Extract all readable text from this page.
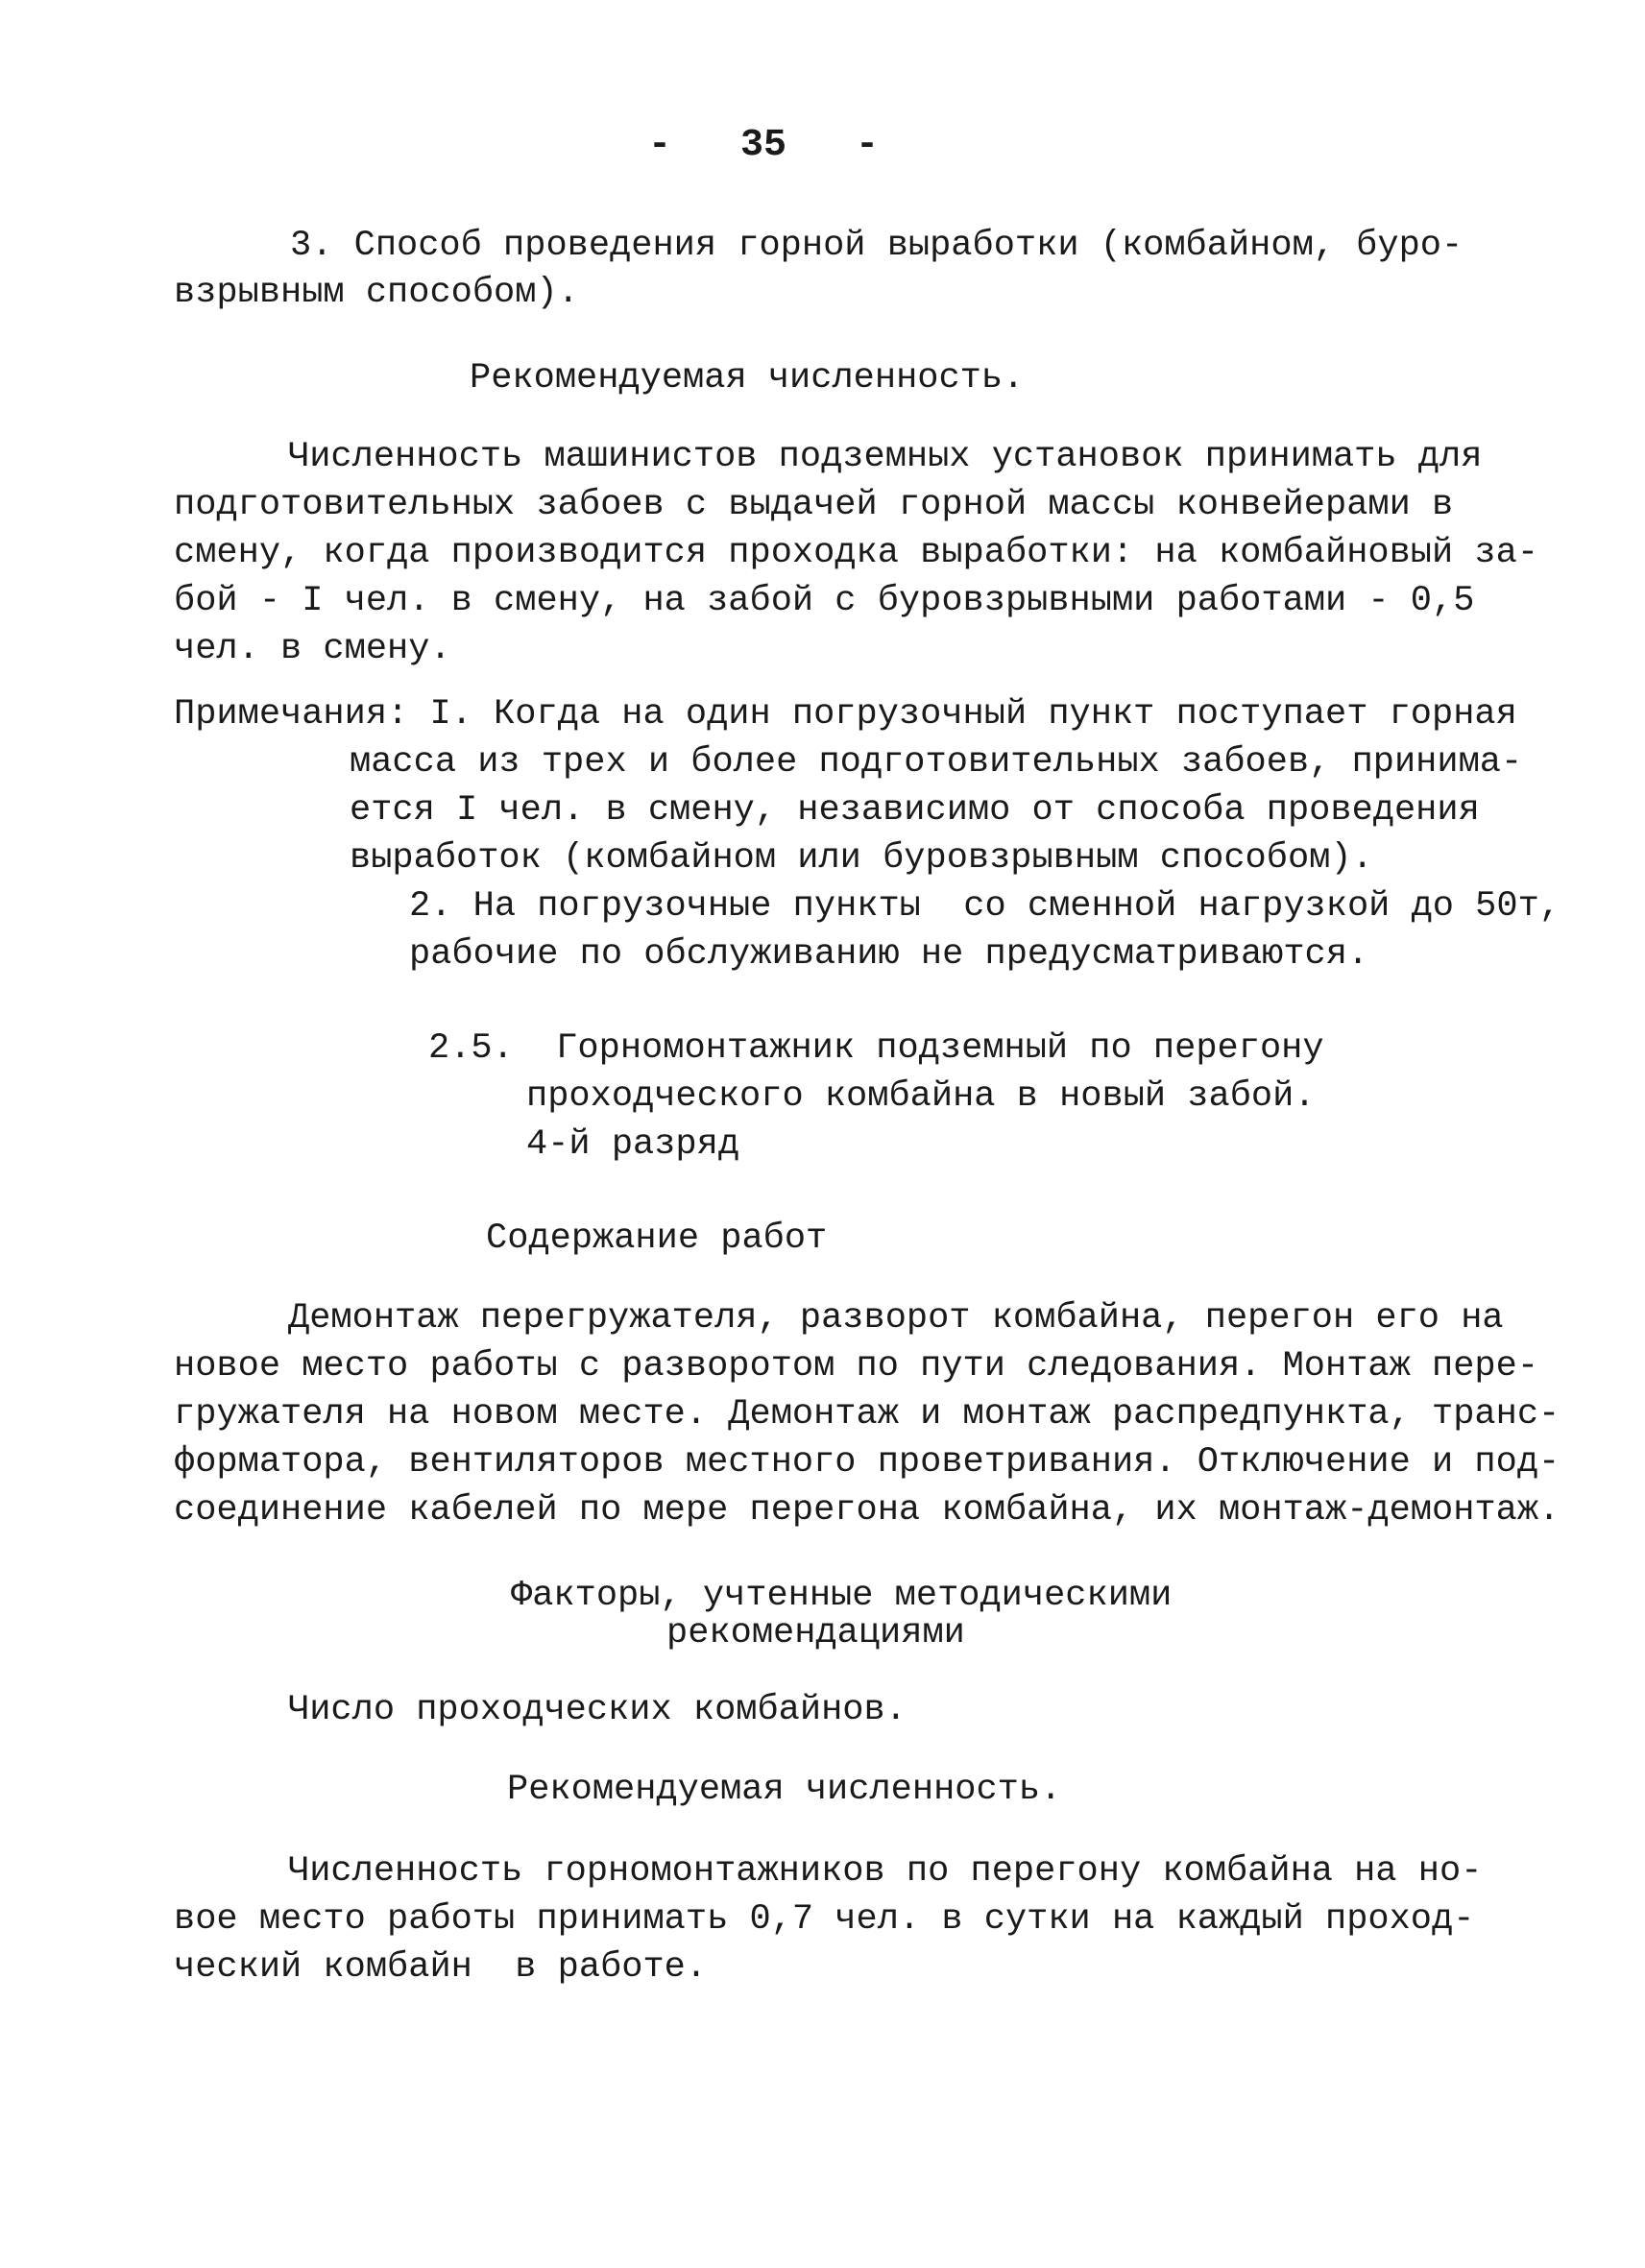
-   35   -
3. Способ проведения горной выработки (комбайном, буро-
взрывным способом).
Рекомендуемая численность.
Численность машинистов подземных установок принимать для
подготовительных забоев с выдачей горной массы конвейерами в
смену, когда производится проходка выработки: на комбайновый за-
бой - I чел. в смену, на забой с буровзрывными работами - 0,5
чел. в смену.
Примечания: I. Когда на один погрузочный пункт поступает горная
масса из трех и более подготовительных забоев, принима-
ется I чел. в смену, независимо от способа проведения
выработок (комбайном или буровзрывным способом).
2. На погрузочные пункты  со сменной нагрузкой до 50т,
рабочие по обслуживанию не предусматриваются.
2.5.  Горномонтажник подземный по перегону
проходческого комбайна в новый забой.
4-й разряд
Содержание работ
Демонтаж перегружателя, разворот комбайна, перегон его на
новое место работы с разворотом по пути следования. Монтаж пере-
гружателя на новом месте. Демонтаж и монтаж распредпункта, транс-
форматора, вентиляторов местного проветривания. Отключение и под-
соединение кабелей по мере перегона комбайна, их монтаж-демонтаж.
Факторы, учтенные методическими
рекомендациями
Число проходческих комбайнов.
Рекомендуемая численность.
Численность горномонтажников по перегону комбайна на но-
вое место работы принимать 0,7 чел. в сутки на каждый проход-
ческий комбайн  в работе.
